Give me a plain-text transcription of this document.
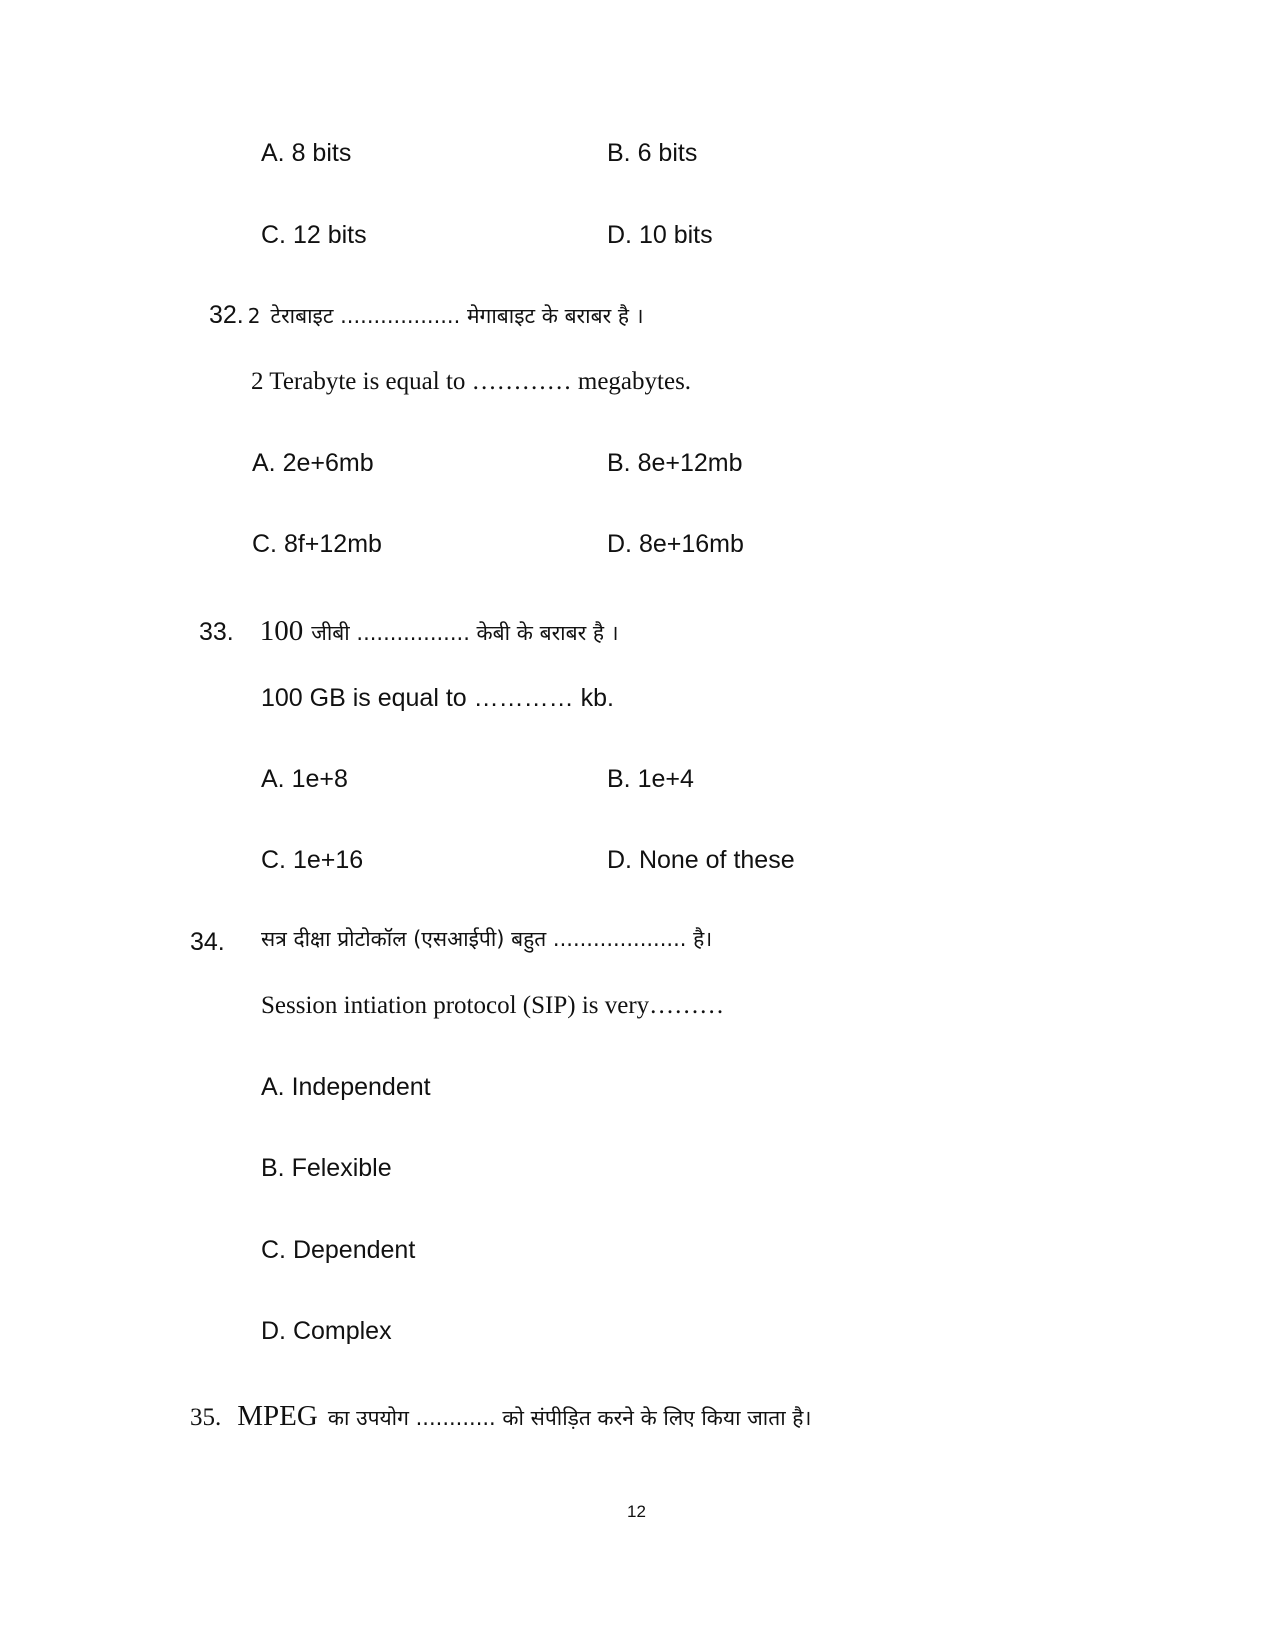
A. 8 bits	B. 6 bits
C. 12 bits	D. 10 bits
32. 2 टेराबाइट .................. मेगाबाइट के बराबर है ।
2 Terabyte is equal to ………… megabytes.
A. 2e+6mb	B. 8e+12mb
C. 8f+12mb	D. 8e+16mb
33. 100 जीबी ................. केबी के बराबर है ।
100 GB is equal to ………… kb.
A. 1e+8	B. 1e+4
C. 1e+16	D. None of these
34. सत्र दीक्षा प्रोटोकॉल (एसआईपी) बहुत .................... है।
Session intiation protocol (SIP) is very………
A. Independent
B. Felexible
C. Dependent
D. Complex
35. MPEG का उपयोग ............ को संपीड़ित करने के लिए किया जाता है।
12
